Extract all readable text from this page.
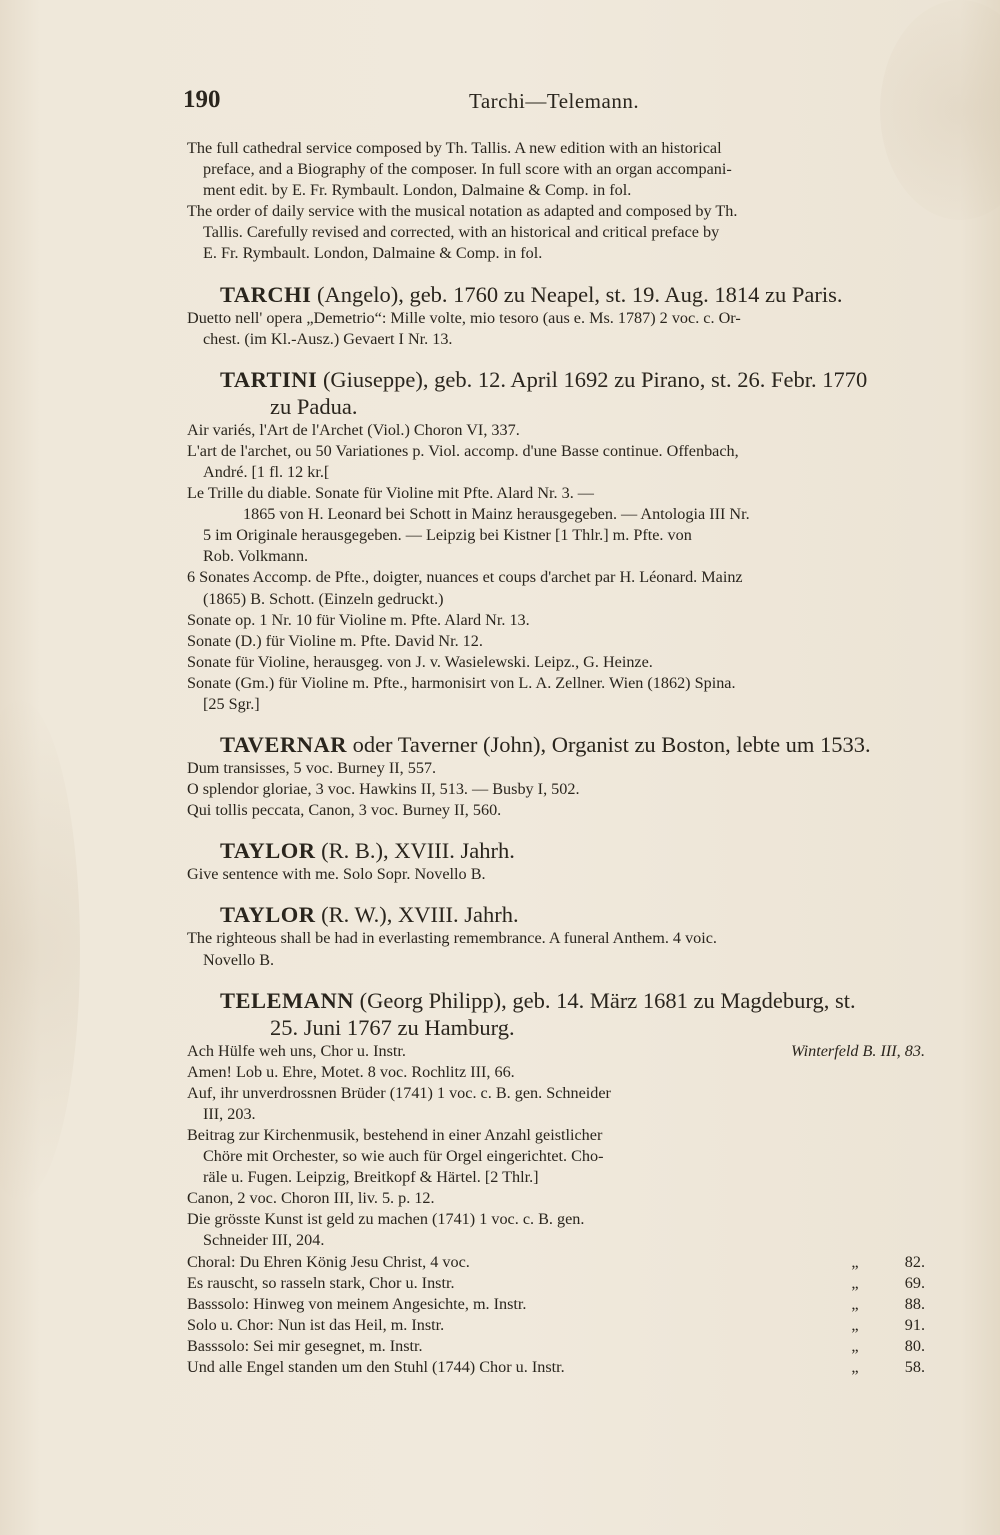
190	Tarchi—Telemann.
The full cathedral service composed by Th. Tallis. A new edition with an historical
preface, and a Biography of the composer. In full score with an organ accompani-
ment edit. by E. Fr. Rymbault. London, Dalmaine & Comp. in fol.
The order of daily service with the musical notation as adapted and composed by Th.
Tallis. Carefully revised and corrected, with an historical and critical preface by
E. Fr. Rymbault. London, Dalmaine & Comp. in fol.
TARCHI (Angelo), geb. 1760 zu Neapel, st. 19. Aug. 1814 zu Paris.
Duetto nell' opera „Demetrio“: Mille volte, mio tesoro (aus e. Ms. 1787) 2 voc. c. Or-
chest. (im Kl.-Ausz.) Gevaert I Nr. 13.
TARTINI (Giuseppe), geb. 12. April 1692 zu Pirano, st. 26. Febr. 1770
zu Padua.
Air variés, l'Art de l'Archet (Viol.) Choron VI, 337.
L'art de l'archet, ou 50 Variationes p. Viol. accomp. d'une Basse continue. Offenbach,
André. [1 fl. 12 kr.[
Le Trille du diable. Sonate für Violine mit Pfte. Alard Nr. 3. —
1865 von H. Leonard bei Schott in Mainz herausgegeben. — Antologia III Nr.
5 im Originale herausgegeben. — Leipzig bei Kistner [1 Thlr.] m. Pfte. von
Rob. Volkmann.
6 Sonates Accomp. de Pfte., doigter, nuances et coups d'archet par H. Léonard. Mainz
(1865) B. Schott. (Einzeln gedruckt.)
Sonate op. 1 Nr. 10 für Violine m. Pfte. Alard Nr. 13.
Sonate (D.) für Violine m. Pfte. David Nr. 12.
Sonate für Violine, herausgeg. von J. v. Wasielewski. Leipz., G. Heinze.
Sonate (Gm.) für Violine m. Pfte., harmonisirt von L. A. Zellner. Wien (1862) Spina.
[25 Sgr.]
TAVERNAR oder Taverner (John), Organist zu Boston, lebte um 1533.
Dum transisses, 5 voc. Burney II, 557.
O splendor gloriae, 3 voc. Hawkins II, 513. — Busby I, 502.
Qui tollis peccata, Canon, 3 voc. Burney II, 560.
TAYLOR (R. B.), XVIII. Jahrh.
Give sentence with me. Solo Sopr. Novello B.
TAYLOR (R. W.), XVIII. Jahrh.
The righteous shall be had in everlasting remembrance. A funeral Anthem. 4 voic.
Novello B.
TELEMANN (Georg Philipp), geb. 14. März 1681 zu Magdeburg, st.
25. Juni 1767 zu Hamburg.
Ach Hülfe weh uns, Chor u. Instr.	Winterfeld B. III, 83.
Amen! Lob u. Ehre, Motet. 8 voc. Rochlitz III, 66.
Auf, ihr unverdrossnen Brüder (1741) 1 voc. c. B. gen. Schneider
III, 203.
Beitrag zur Kirchenmusik, bestehend in einer Anzahl geistlicher
Chöre mit Orchester, so wie auch für Orgel eingerichtet. Cho-
räle u. Fugen. Leipzig, Breitkopf & Härtel. [2 Thlr.]
Canon, 2 voc. Choron III, liv. 5. p. 12.
Die grösste Kunst ist geld zu machen (1741) 1 voc. c. B. gen.
Schneider III, 204.
Choral: Du Ehren König Jesu Christ, 4 voc.	„	82.
Es rauscht, so rasseln stark, Chor u. Instr.	„	69.
Basssolo: Hinweg von meinem Angesichte, m. Instr.	„	88.
Solo u. Chor: Nun ist das Heil, m. Instr.	„	91.
Basssolo: Sei mir gesegnet, m. Instr.	„	80.
Und alle Engel standen um den Stuhl (1744) Chor u. Instr.	„	58.
